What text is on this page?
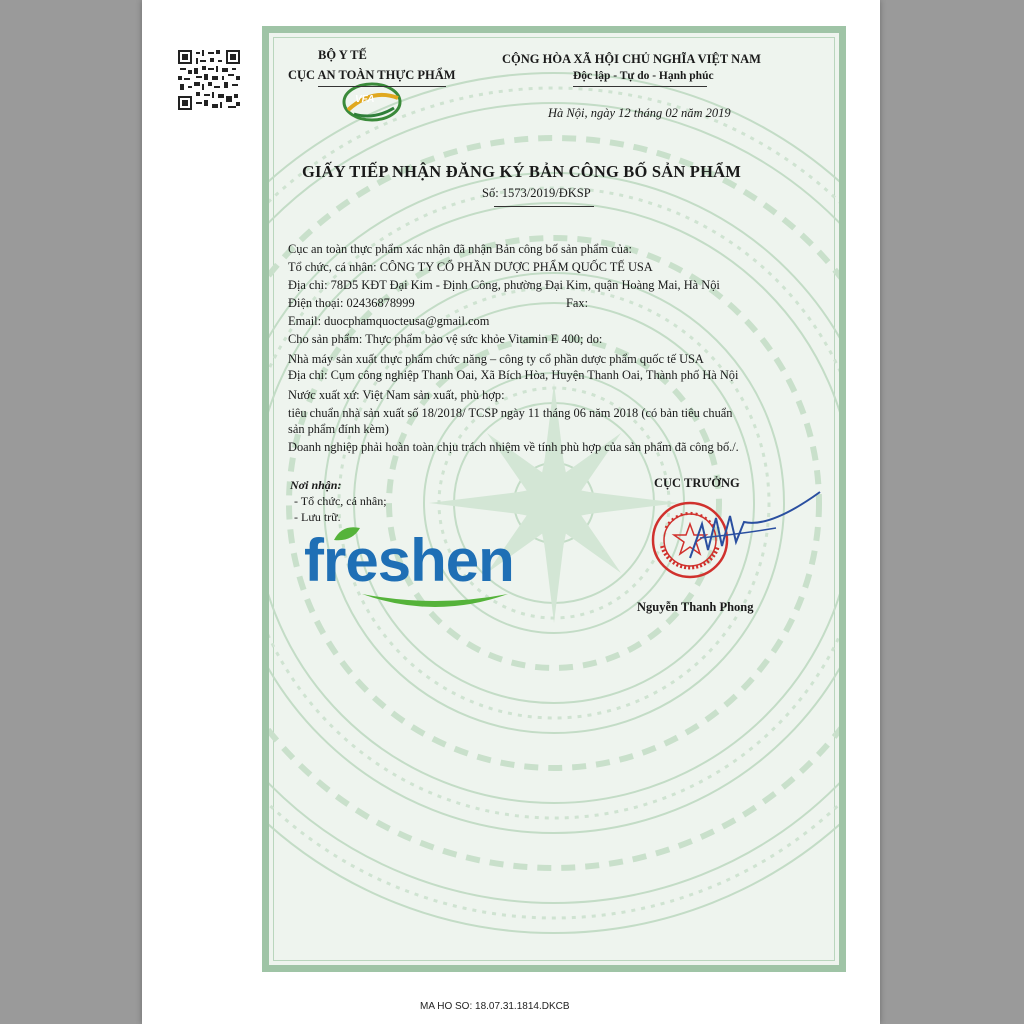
BỘ Y TẾ
CỤC AN TOÀN THỰC PHẨM
VFA
CỘNG HÒA XÃ HỘI CHỦ NGHĨA VIỆT NAM
Độc lập - Tự do - Hạnh phúc
Hà Nội, ngày 12 tháng 02 năm 2019
GIẤY TIẾP NHẬN ĐĂNG KÝ BẢN CÔNG BỐ SẢN PHẨM
Số: 1573/2019/ĐKSP
Cục an toàn thực phẩm xác nhận đã nhận Bản công bố sản phẩm của:
Tổ chức, cá nhân: CÔNG TY CỔ PHẦN DƯỢC PHẨM QUỐC TẾ USA
Địa chỉ: 78D5 KĐT Đại Kim - Định Công, phường Đại Kim, quận Hoàng Mai, Hà Nội
Điện thoại: 02436878999	Fax:
Email: duocphamquocteusa@gmail.com
Cho sản phẩm: Thực phẩm bảo vệ sức khỏe Vitamin E 400; do:
Nhà máy sản xuất thực phẩm chức năng – công ty cổ phần dược phẩm quốc tế USA
Địa chỉ: Cụm công nghiệp Thanh Oai, Xã Bích Hòa, Huyện Thanh Oai, Thành phố Hà Nội
Nước xuất xứ: Việt Nam sản xuất, phù hợp:
tiêu chuẩn nhà sản xuất số 18/2018/ TCSP ngày 11 tháng 06 năm 2018 (có bản tiêu chuẩn
sản phẩm đính kèm)
Doanh nghiệp phải hoàn toàn chịu trách nhiệm về tính phù hợp của sản phẩm đã công bố./.
Nơi nhận:
- Tổ chức, cá nhân;
- Lưu trữ.
CỤC TRƯỞNG
Nguyễn Thanh Phong
freshen
MA HO SO: 18.07.31.1814.DKCB
